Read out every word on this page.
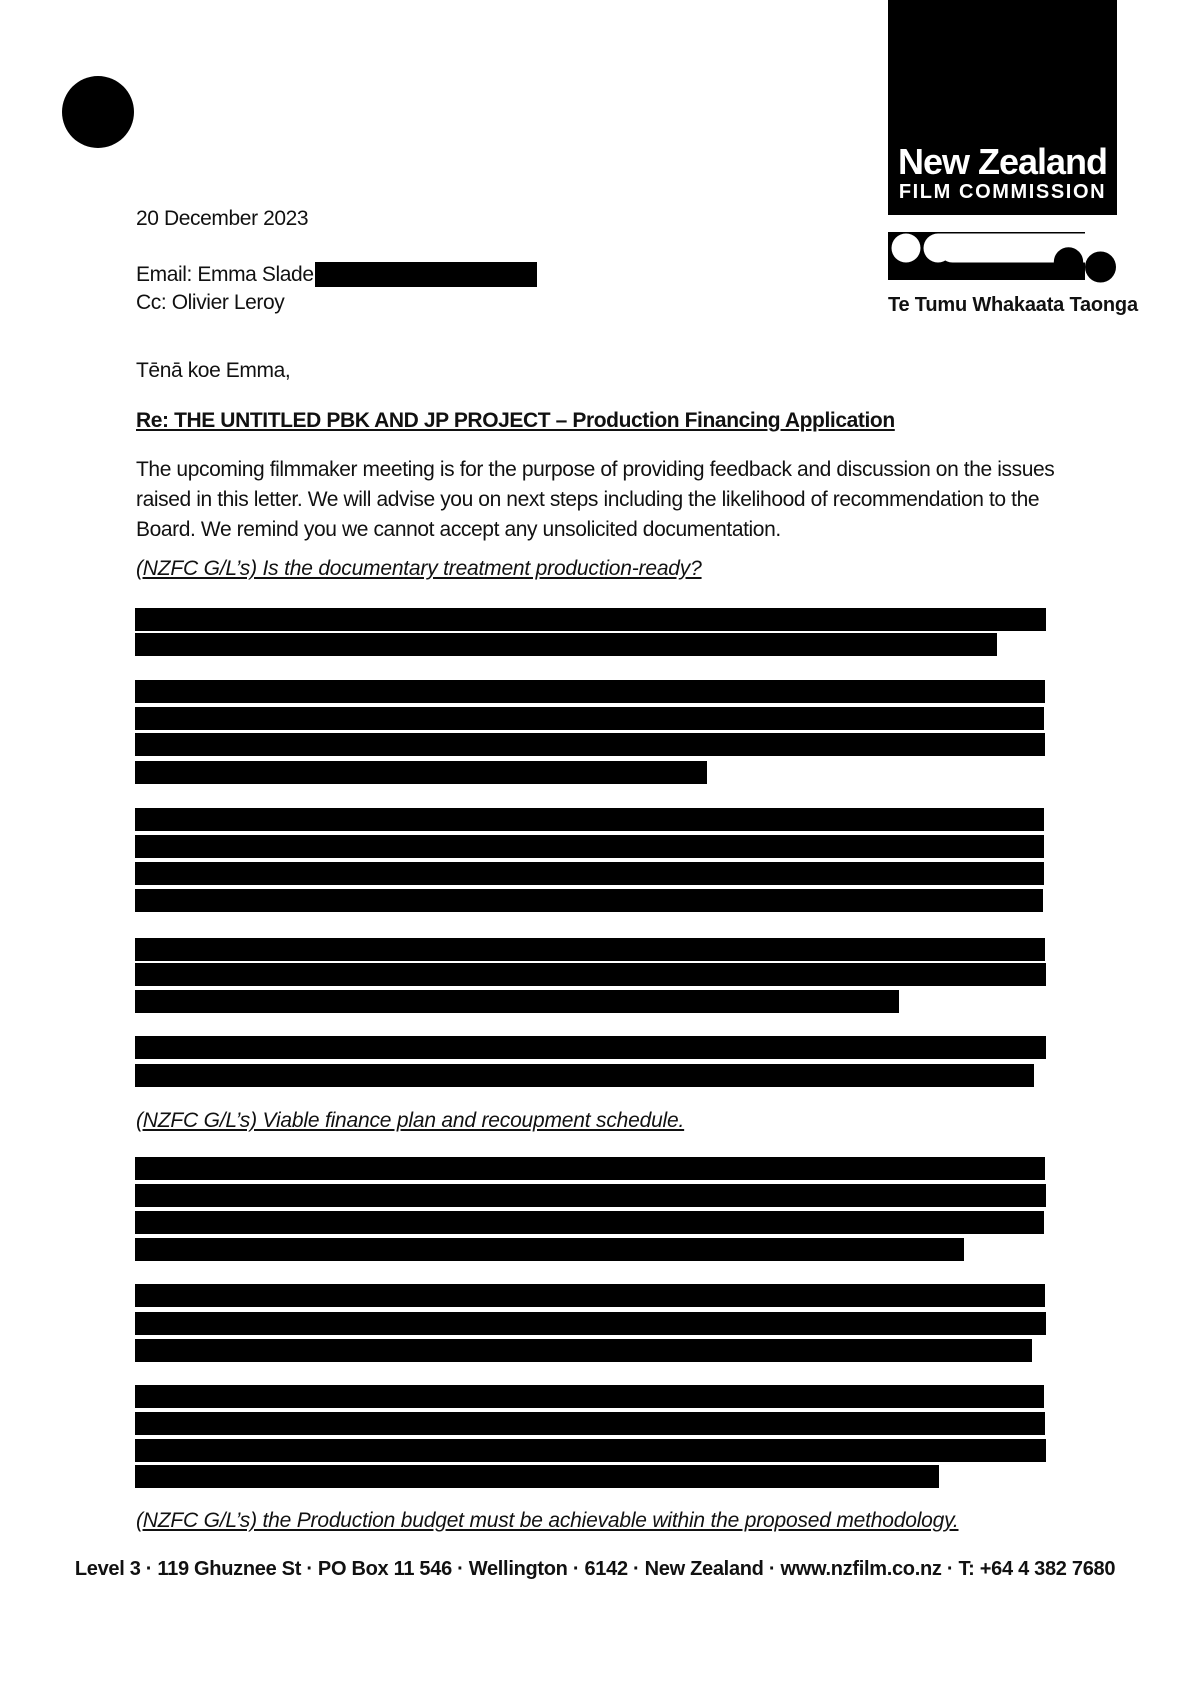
New Zealand
FILM COMMISSION
Te Tumu Whakaata Taonga
20 December 2023
Email: Emma Slade
Cc: Olivier Leroy
Tēnā koe Emma,
Re: THE UNTITLED PBK AND JP PROJECT – Production Financing Application
The upcoming filmmaker meeting is for the purpose of providing feedback and discussion on the issues
raised in this letter. We will advise you on next steps including the likelihood of recommendation to the
Board. We remind you we cannot accept any unsolicited documentation.
(NZFC G/L’s) Is the documentary treatment production-ready?
(NZFC G/L’s) Viable finance plan and recoupment schedule.
(NZFC G/L’s) the Production budget must be achievable within the proposed methodology.
Level 3 · 119 Ghuznee St · PO Box 11 546 · Wellington · 6142 · New Zealand · www.nzfilm.co.nz · T: +64 4 382 7680
